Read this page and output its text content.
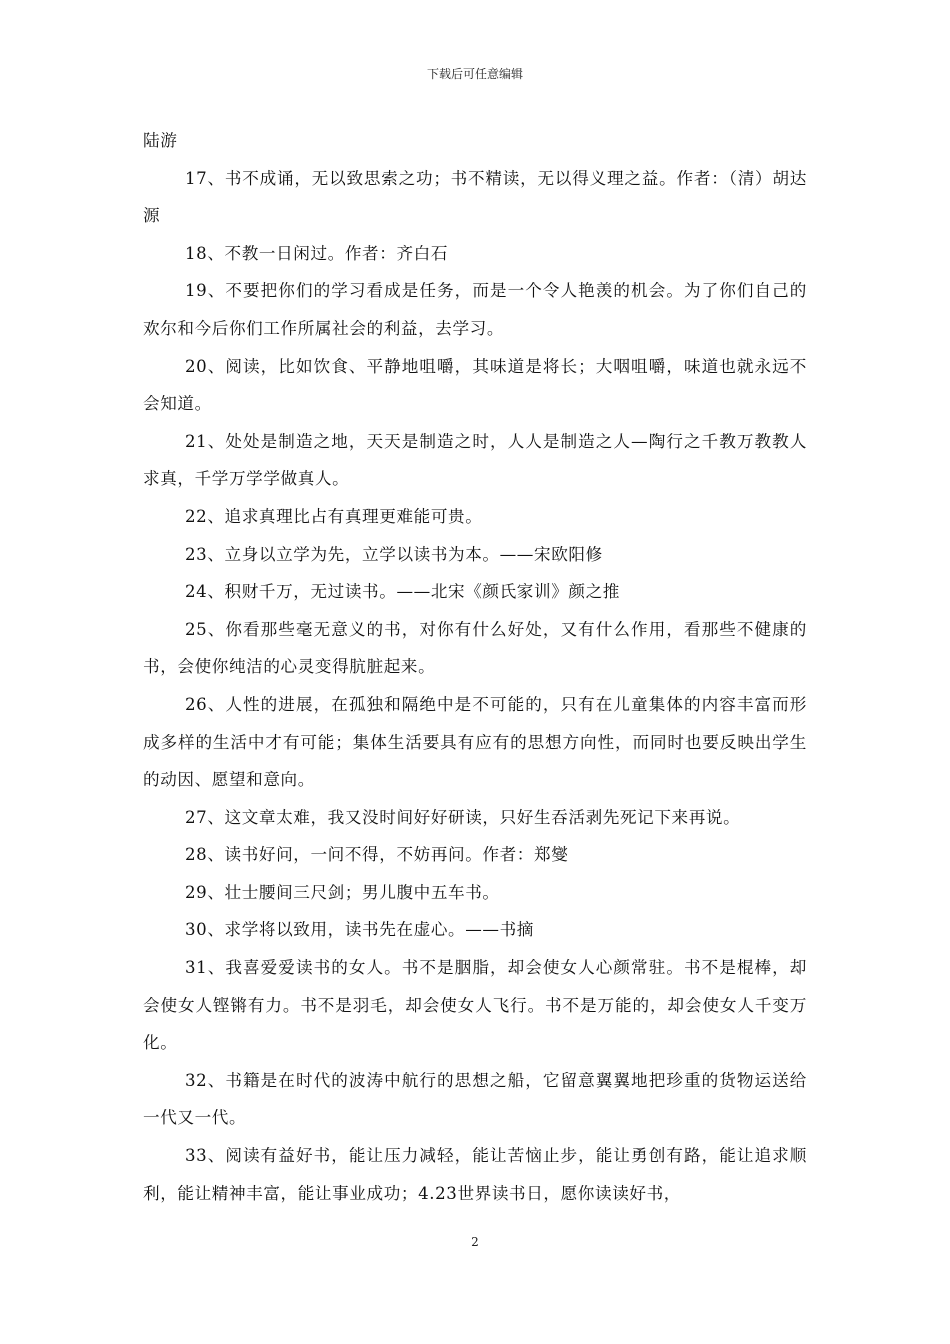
下载后可任意编辑

陆游

17、书不成诵，无以致思索之功；书不精读，无以得义理之益。作者：（清）胡达源

18、不教一日闲过。作者：齐白石

19、不要把你们的学习看成是任务，而是一个令人艳羡的机会。为了你们自己的欢尔和今后你们工作所属社会的利益，去学习。

20、阅读，比如饮食、平静地咀嚼，其味道是将长；大咽咀嚼，味道也就永远不会知道。

21、处处是制造之地，天天是制造之时，人人是制造之人—陶行之千教万教教人求真，千学万学学做真人。

22、追求真理比占有真理更难能可贵。

23、立身以立学为先，立学以读书为本。——宋欧阳修

24、积财千万，无过读书。——北宋《颜氏家训》颜之推

25、你看那些毫无意义的书，对你有什么好处，又有什么作用，看那些不健康的书，会使你纯洁的心灵变得肮脏起来。

26、人性的进展，在孤独和隔绝中是不可能的，只有在儿童集体的内容丰富而形成多样的生活中才有可能；集体生活要具有应有的思想方向性，而同时也要反映出学生的动因、愿望和意向。

27、这文章太难，我又没时间好好研读，只好生吞活剥先死记下来再说。

28、读书好问，一问不得，不妨再问。作者：郑燮

29、壮士腰间三尺剑；男儿腹中五车书。

30、求学将以致用，读书先在虚心。——书摘

31、我喜爱爱读书的女人。书不是胭脂，却会使女人心颜常驻。书不是棍棒，却会使女人铿锵有力。书不是羽毛，却会使女人飞行。书不是万能的，却会使女人千变万化。

32、书籍是在时代的波涛中航行的思想之船，它留意翼翼地把珍重的货物运送给一代又一代。

33、阅读有益好书，能让压力减轻，能让苦恼止步，能让勇创有路，能让追求顺利，能让精神丰富，能让事业成功；4.23世界读书日，愿你读读好书，

2
